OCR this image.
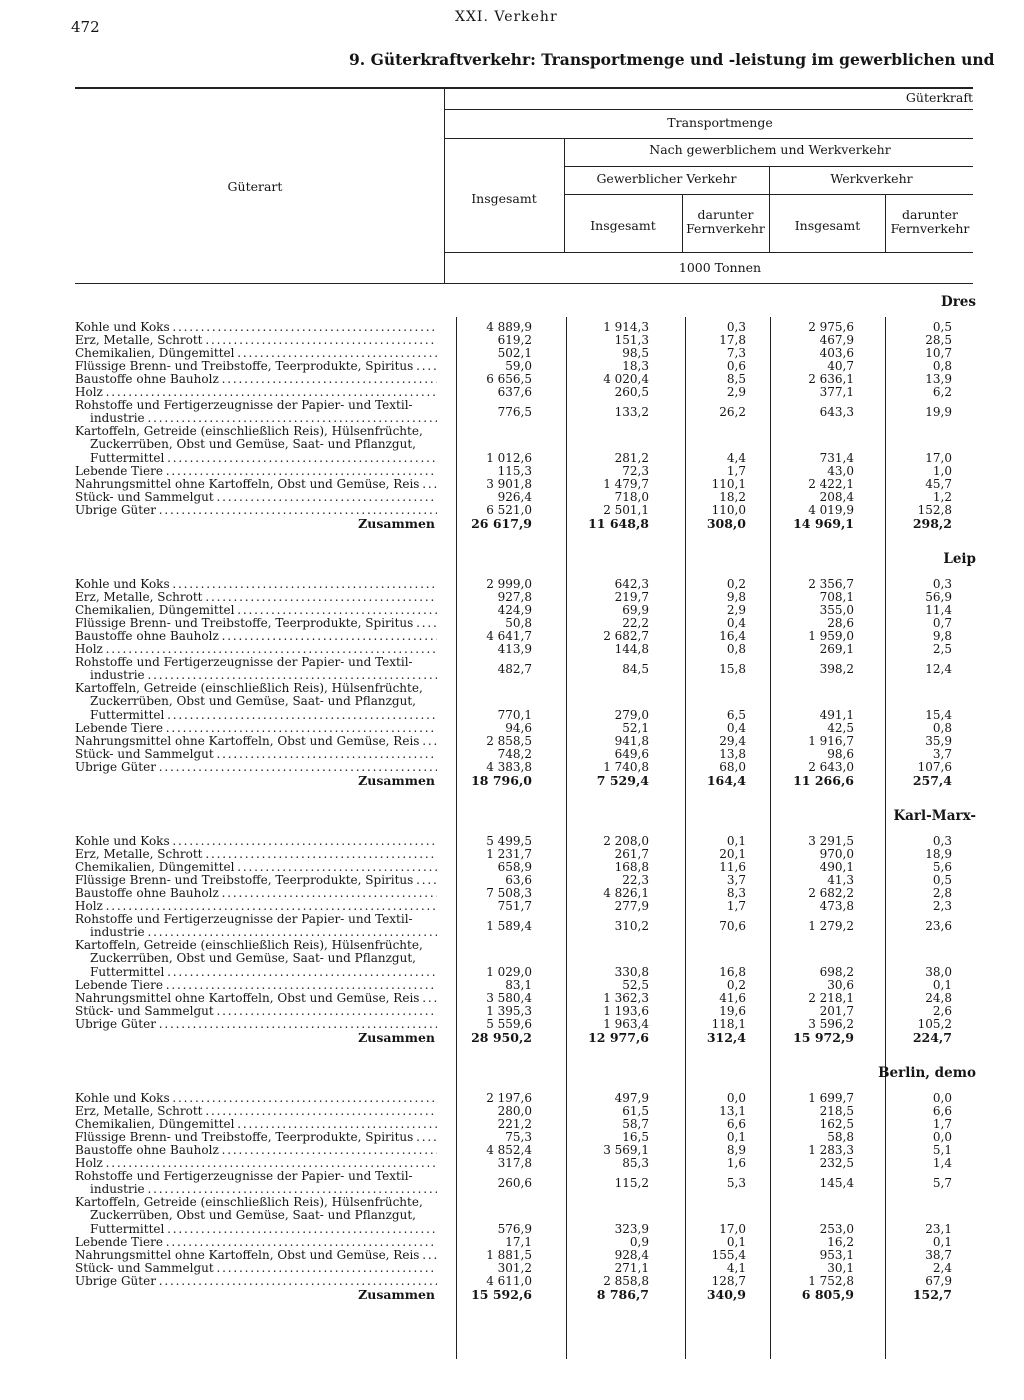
472
XXI. Verkehr
9. Güterkraftverkehr: Transportmenge und -leistung im gewerblichen und
Güterart
Güterkraft
Transportmenge
Nach gewerblichem und Werkverkehr
Gewerblicher Verkehr	Werkverkehr
Insgesamt
Insgesamt
darunter
Fernverkehr	Insgesamt
darunter
Fernverkehr
1000 Tonnen
Dres
Kohle und Koks . . .	4 889,9	1 914,3	0,3	2 975,6	0,5
Erz, Metalle, Schrott . . .	619,2	151,3	17,8	467,9	28,5
Chemikalien, Düngemittel . . .	502,1	98,5	7,3	403,6	10,7
Flüssige Brenn- und Treibstoffe, Teerprodukte, Spiritus . . .	59,0	18,3	0,6	40,7	0,8
Baustoffe ohne Bauholz . . .	6 656,5	4 020,4	8,5	2 636,1	13,9
Holz . . .	637,6	260,5	2,9	377,1	6,2
Rohstoffe und Fertigerzeugnisse der Papier- und Textil-
industrie . . .	776,5	133,2	26,2	643,3	19,9
Kartoffeln, Getreide (einschließlich Reis), Hülsenfrüchte,
Zuckerrüben, Obst und Gemüse, Saat- und Pflanzgut,
Futtermittel . . .	1 012,6	281,2	4,4	731,4	17,0
Lebende Tiere . . .	115,3	72,3	1,7	43,0	1,0
Nahrungsmittel ohne Kartoffeln, Obst und Gemüse, Reis . . .	3 901,8	1 479,7	110,1	2 422,1	45,7
Stück- und Sammelgut . . .	926,4	718,0	18,2	208,4	1,2
Übrige Güter . . .	6 521,0	2 501,1	110,0	4 019,9	152,8
Zusammen	26 617,9	11 648,8	308,0	14 969,1	298,2
Leip
Kohle und Koks . . .	2 999,0	642,3	0,2	2 356,7	0,3
Erz, Metalle, Schrott . . .	927,8	219,7	9,8	708,1	56,9
Chemikalien, Düngemittel . . .	424,9	69,9	2,9	355,0	11,4
Flüssige Brenn- und Treibstoffe, Teerprodukte, Spiritus . . .	50,8	22,2	0,4	28,6	0,7
Baustoffe ohne Bauholz . . .	4 641,7	2 682,7	16,4	1 959,0	9,8
Holz . . .	413,9	144,8	0,8	269,1	2,5
Rohstoffe und Fertigerzeugnisse der Papier- und Textil-
industrie . . .	482,7	84,5	15,8	398,2	12,4
Kartoffeln, Getreide (einschließlich Reis), Hülsenfrüchte,
Zuckerrüben, Obst und Gemüse, Saat- und Pflanzgut,
Futtermittel . . .	770,1	279,0	6,5	491,1	15,4
Lebende Tiere . . .	94,6	52,1	0,4	42,5	0,8
Nahrungsmittel ohne Kartoffeln, Obst und Gemüse, Reis . . .	2 858,5	941,8	29,4	1 916,7	35,9
Stück- und Sammelgut . . .	748,2	649,6	13,8	98,6	3,7
Übrige Güter . . .	4 383,8	1 740,8	68,0	2 643,0	107,6
Zusammen	18 796,0	7 529,4	164,4	11 266,6	257,4
Karl-Marx-
Kohle und Koks . . .	5 499,5	2 208,0	0,1	3 291,5	0,3
Erz, Metalle, Schrott . . .	1 231,7	261,7	20,1	970,0	18,9
Chemikalien, Düngemittel . . .	658,9	168,8	11,6	490,1	5,6
Flüssige Brenn- und Treibstoffe, Teerprodukte, Spiritus . . .	63,6	22,3	3,7	41,3	0,5
Baustoffe ohne Bauholz . . .	7 508,3	4 826,1	8,3	2 682,2	2,8
Holz . . .	751,7	277,9	1,7	473,8	2,3
Rohstoffe und Fertigerzeugnisse der Papier- und Textil-
industrie . . .	1 589,4	310,2	70,6	1 279,2	23,6
Kartoffeln, Getreide (einschließlich Reis), Hülsenfrüchte,
Zuckerrüben, Obst und Gemüse, Saat- und Pflanzgut,
Futtermittel . . .	1 029,0	330,8	16,8	698,2	38,0
Lebende Tiere . . .	83,1	52,5	0,2	30,6	0,1
Nahrungsmittel ohne Kartoffeln, Obst und Gemüse, Reis . . .	3 580,4	1 362,3	41,6	2 218,1	24,8
Stück- und Sammelgut . . .	1 395,3	1 193,6	19,6	201,7	2,6
Übrige Güter . . .	5 559,6	1 963,4	118,1	3 596,2	105,2
Zusammen	28 950,2	12 977,6	312,4	15 972,9	224,7
Berlin, demo
Kohle und Koks . . .	2 197,6	497,9	0,0	1 699,7	0,0
Erz, Metalle, Schrott . . .	280,0	61,5	13,1	218,5	6,6
Chemikalien, Düngemittel . . .	221,2	58,7	6,6	162,5	1,7
Flüssige Brenn- und Treibstoffe, Teerprodukte, Spiritus . . .	75,3	16,5	0,1	58,8	0,0
Baustoffe ohne Bauholz . . .	4 852,4	3 569,1	8,9	1 283,3	5,1
Holz . . .	317,8	85,3	1,6	232,5	1,4
Rohstoffe und Fertigerzeugnisse der Papier- und Textil-
industrie . . .	260,6	115,2	5,3	145,4	5,7
Kartoffeln, Getreide (einschließlich Reis), Hülsenfrüchte,
Zuckerrüben, Obst und Gemüse, Saat- und Pflanzgut,
Futtermittel . . .	576,9	323,9	17,0	253,0	23,1
Lebende Tiere . . .	17,1	0,9	0,1	16,2	0,1
Nahrungsmittel ohne Kartoffeln, Obst und Gemüse, Reis . . .	1 881,5	928,4	155,4	953,1	38,7
Stück- und Sammelgut . . .	301,2	271,1	4,1	30,1	2,4
Übrige Güter . . .	4 611,0	2 858,8	128,7	1 752,8	67,9
Zusammen	15 592,6	8 786,7	340,9	6 805,9	152,7
